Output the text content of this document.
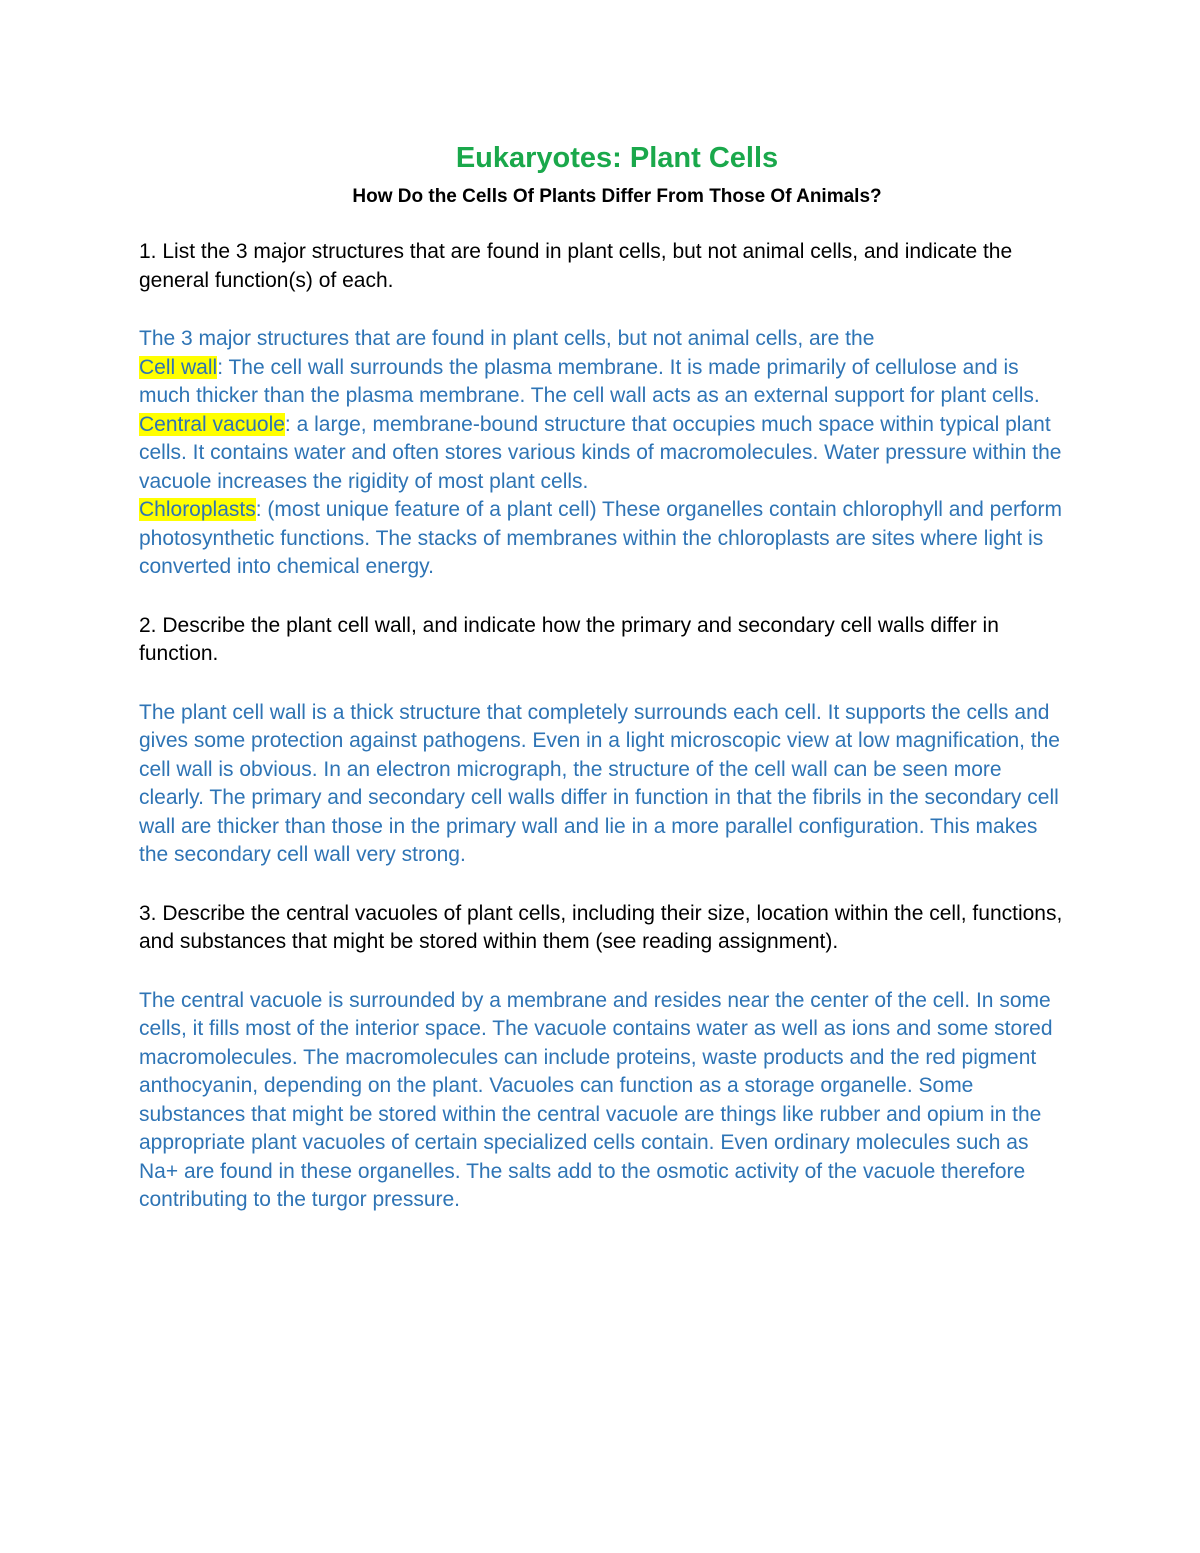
Eukaryotes: Plant Cells
How Do the Cells Of Plants Differ From Those Of Animals?

1. List the 3 major structures that are found in plant cells, but not animal cells, and indicate the general function(s) of each.

The 3 major structures that are found in plant cells, but not animal cells, are the

Cell wall: The cell wall surrounds the plasma membrane. It is made primarily of cellulose and is much thicker than the plasma membrane. The cell wall acts as an external support for plant cells.

Central vacuole: a large, membrane-bound structure that occupies much space within typical plant cells. It contains water and often stores various kinds of macromolecules. Water pressure within the vacuole increases the rigidity of most plant cells.

Chloroplasts: (most unique feature of a plant cell) These organelles contain chlorophyll and perform photosynthetic functions. The stacks of membranes within the chloroplasts are sites where light is converted into chemical energy.

2. Describe the plant cell wall, and indicate how the primary and secondary cell walls differ in function.

The plant cell wall is a thick structure that completely surrounds each cell. It supports the cells and gives some protection against pathogens. Even in a light microscopic view at low magnification, the cell wall is obvious. In an electron micrograph, the structure of the cell wall can be seen more clearly. The primary and secondary cell walls differ in function in that the fibrils in the secondary cell wall are thicker than those in the primary wall and lie in a more parallel configuration. This makes the secondary cell wall very strong.

3. Describe the central vacuoles of plant cells, including their size, location within the cell, functions, and substances that might be stored within them (see reading assignment).

The central vacuole is surrounded by a membrane and resides near the center of the cell. In some cells, it fills most of the interior space. The vacuole contains water as well as ions and some stored macromolecules. The macromolecules can include proteins, waste products and the red pigment anthocyanin, depending on the plant. Vacuoles can function as a storage organelle. Some substances that might be stored within the central vacuole are things like rubber and opium in the appropriate plant vacuoles of certain specialized cells contain. Even ordinary molecules such as Na+ are found in these organelles. The salts add to the osmotic activity of the vacuole therefore contributing to the turgor pressure.
